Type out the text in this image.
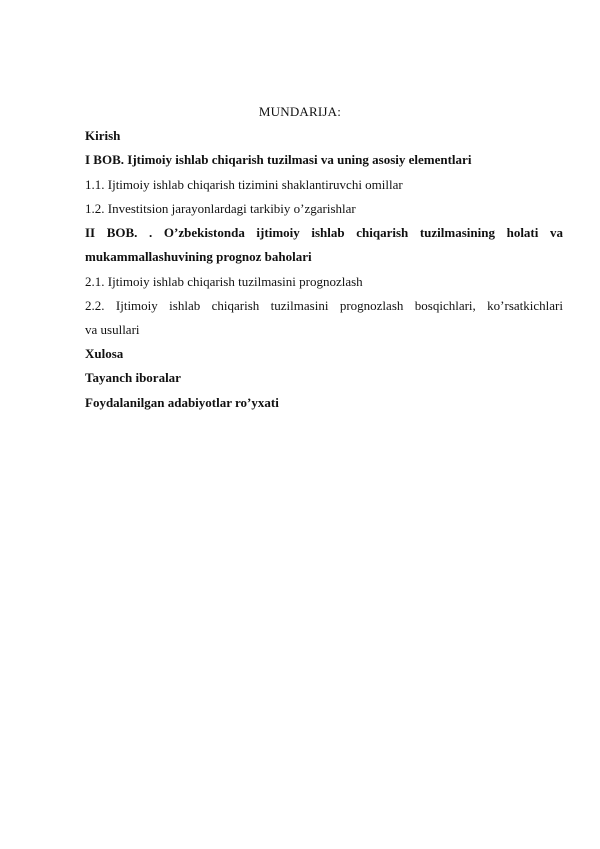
MUNDARIJA:
Kirish
I BOB. Ijtimoiy ishlab chiqarish tuzilmasi va uning asosiy elementlari
1.1. Ijtimoiy ishlab chiqarish tizimini shaklantiruvchi omillar
1.2. Investitsion jarayonlardagi tarkibiy o’zgarishlar
II BOB. . O’zbekistonda ijtimoiy ishlab chiqarish tuzilmasining holati va
mukammallashuvining prognoz baholari
2.1. Ijtimoiy ishlab chiqarish tuzilmasini prognozlash
2.2. Ijtimoiy ishlab chiqarish tuzilmasini prognozlash bosqichlari, ko’rsatkichlari
va usullari
Xulosa
Tayanch iboralar
Foydalanilgan adabiyotlar ro’yxati
